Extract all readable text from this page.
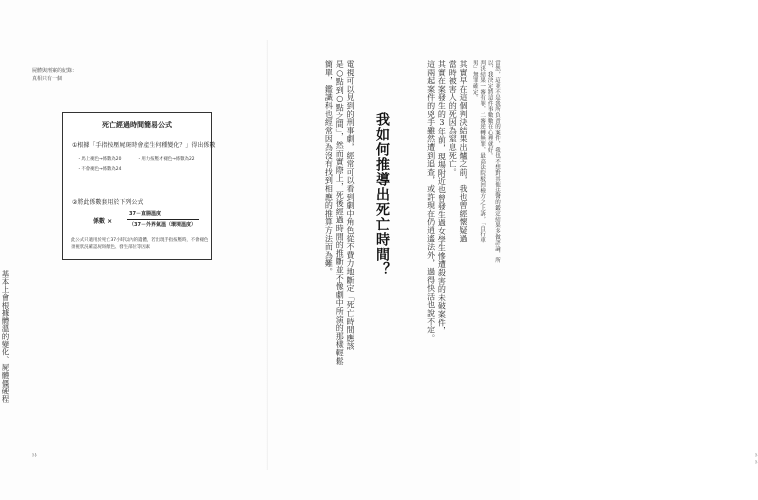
屍體與刑案的紀錄：
真相只有一個
死亡經過時間簡易公式
①根據「手指按壓屍斑時會產生何種變化？」得出係數
・馬上褪色→係數為20	・用力按壓才褪色→係數為22
・不會褪色→係數為24
②將此係數套用於下列公式
係數 ×
37－直腸溫度
（37－外界氣溫（環境溫度）
此公式只適用於死亡37小時以內的遺體，若出現手指按壓時，不會褪色
須視狀況確認屍斑顏色、發生部位等因素
基本上會根據體溫的變化、屍體僵硬程
ﾄﾄ	ﾄﾄ
當然，這並不是我所負責的案件，我也不想對其他法醫的鑑定結果多做評論，所
以，我決定將這件事數數在心裡就好。
判決結果一審有罪，二審逆轉無罪，最高法院駁回檢方之上訴，「自行車
男」無罪確定。
其實早在這個判決結果出爐之前，我也曾經懷疑過
當時被害人的死因為窒息死亡。
其實在案發生的3年前，現場附近也曾發生過女學生慘遭殺害的未破案件，
這兩起案件的兇手雖然遭到追查，或許現在仍逍遙法外，過得快活也說不定。
我如何推導出死亡時間？
電視可以見到的刑事劇，經常可以看到劇中角色從不費力地斷定「死亡時間應該
是○點到○點之間」，然而實際上，死後經過時間的推斷並不像劇中所演的那樣輕鬆
簡單，鑑識科也經常因為沒有找到相應的推算方法而為難。
